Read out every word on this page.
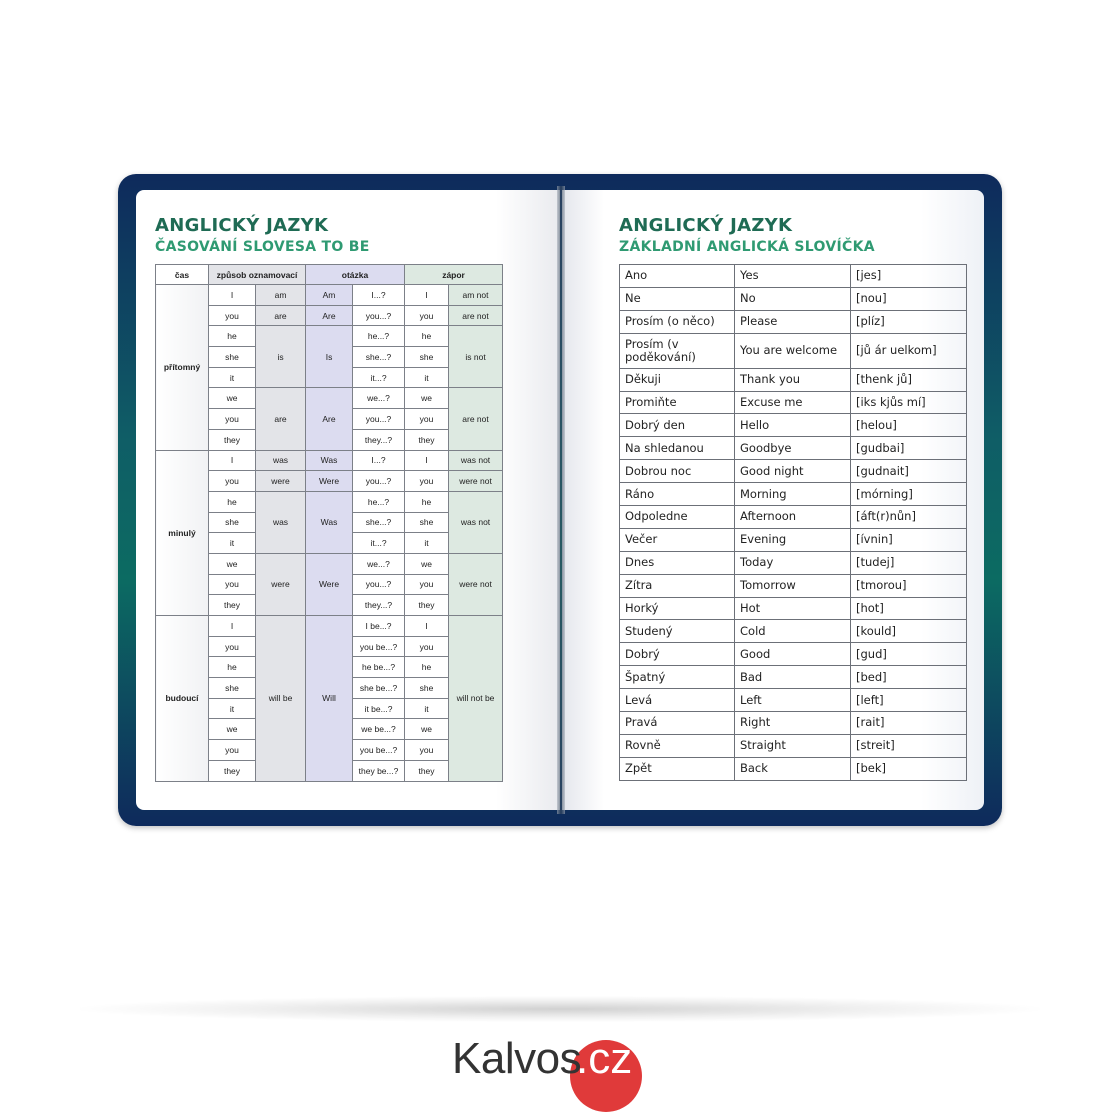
ANGLICKÝ JAZYK
ČASOVÁNÍ SLOVESA TO BE
čas	způsob oznamovací		otázka		zápor	
přítomný	I	am	Am	I...?	I	am not
	you	are	Are	you...?	you	are not
	he	is	Is	he...?	he	is not
	she			she...?	she	
	it			it...?	it	
	we	are	Are	we...?	we	are not
	you			you...?	you	
	they			they...?	they	
minulý	I	was	Was	I...?	I	was not
	you	were	Were	you...?	you	were not
	he	was	Was	he...?	he	was not
	she			she...?	she	
	it			it...?	it	
	we	were	Were	we...?	we	were not
	you			you...?	you	
	they			they...?	they	
budoucí	I	will be	Will	I be...?	I	will not be
	you			you be...?	you	
	he			he be...?	he	
	she			she be...?	she	
	it			it be...?	it	
	we			we be...?	we	
	you			you be...?	you	
	they			they be...?	they	
ANGLICKÝ JAZYK
ZÁKLADNÍ ANGLICKÁ SLOVÍČKA
Ano	Yes	[jes]
Ne	No	[nou]
Prosím (o něco)	Please	[plíz]
Prosím (v poděkování)	You are welcome	[jů ár uelkom]
Děkuji	Thank you	[thenk jů]
Promiňte	Excuse me	[iks kjůs mí]
Dobrý den	Hello	[helou]
Na shledanou	Goodbye	[gudbai]
Dobrou noc	Good night	[gudnait]
Ráno	Morning	[mórning]
Odpoledne	Afternoon	[áft(r)nůn]
Večer	Evening	[ívnin]
Dnes	Today	[tudej]
Zítra	Tomorrow	[tmorou]
Horký	Hot	[hot]
Studený	Cold	[kould]
Dobrý	Good	[gud]
Špatný	Bad	[bed]
Levá	Left	[left]
Pravá	Right	[rait]
Rovně	Straight	[streit]
Zpět	Back	[bek]
Kalvos
.cz
